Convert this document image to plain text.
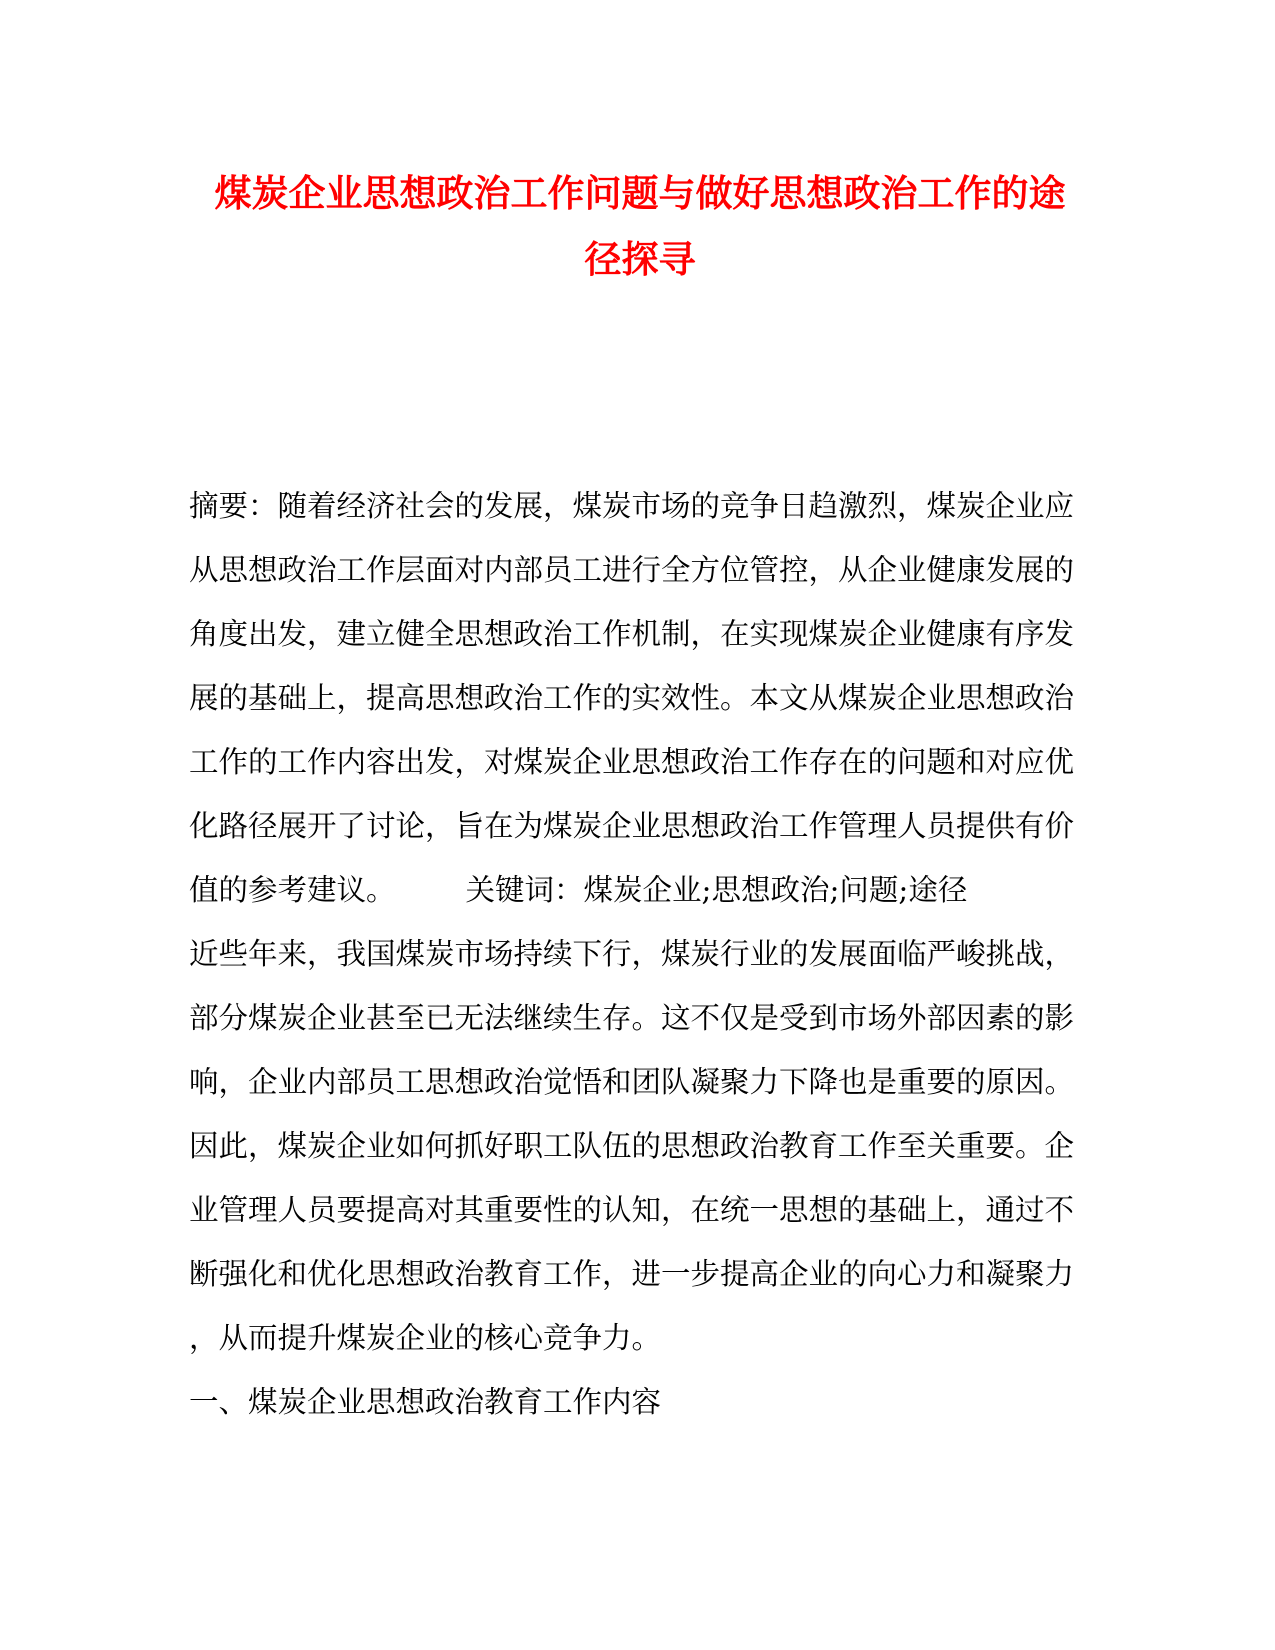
煤炭企业思想政治工作问题与做好思想政治工作的途
径探寻
摘要：随着经济社会的发展，煤炭市场的竞争日趋激烈，煤炭企业应
从思想政治工作层面对内部员工进行全方位管控，从企业健康发展的
角度出发，建立健全思想政治工作机制，在实现煤炭企业健康有序发
展的基础上，提高思想政治工作的实效性。本文从煤炭企业思想政治
工作的工作内容出发，对煤炭企业思想政治工作存在的问题和对应优
化路径展开了讨论，旨在为煤炭企业思想政治工作管理人员提供有价
值的参考建议。 关键词：煤炭企业;思想政治;问题;途径
近些年来，我国煤炭市场持续下行，煤炭行业的发展面临严峻挑战，
部分煤炭企业甚至已无法继续生存。这不仅是受到市场外部因素的影
响，企业内部员工思想政治觉悟和团队凝聚力下降也是重要的原因。
因此，煤炭企业如何抓好职工队伍的思想政治教育工作至关重要。企
业管理人员要提高对其重要性的认知，在统一思想的基础上，通过不
断强化和优化思想政治教育工作，进一步提高企业的向心力和凝聚力
，从而提升煤炭企业的核心竞争力。
一、煤炭企业思想政治教育工作内容
